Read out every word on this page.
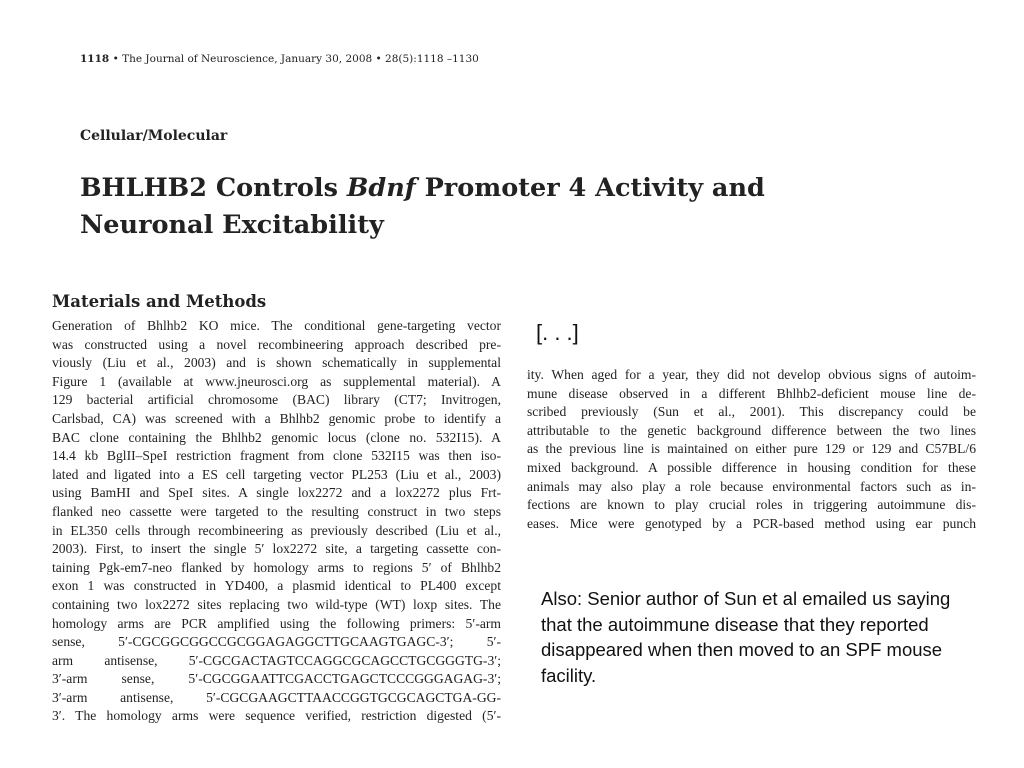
1118 • The Journal of Neuroscience, January 30, 2008 • 28(5):1118 –1130
Cellular/Molecular
BHLHB2 Controls Bdnf Promoter 4 Activity and Neuronal Excitability
Materials and Methods
Generation of Bhlhb2 KO mice. The conditional gene-targeting vector
was constructed using a novel recombineering approach described pre-
viously (Liu et al., 2003) and is shown schematically in supplemental
Figure 1 (available at www.jneurosci.org as supplemental material). A
129 bacterial artificial chromosome (BAC) library (CT7; Invitrogen,
Carlsbad, CA) was screened with a Bhlhb2 genomic probe to identify a
BAC clone containing the Bhlhb2 genomic locus (clone no. 532I15). A
14.4 kb BglII–SpeI restriction fragment from clone 532I15 was then iso-
lated and ligated into a ES cell targeting vector PL253 (Liu et al., 2003)
using BamHI and SpeI sites. A single lox2272 and a lox2272 plus Frt-
flanked neo cassette were targeted to the resulting construct in two steps
in EL350 cells through recombineering as previously described (Liu et al.,
2003). First, to insert the single 5′ lox2272 site, a targeting cassette con-
taining Pgk-em7-neo flanked by homology arms to regions 5′ of Bhlhb2
exon 1 was constructed in YD400, a plasmid identical to PL400 except
containing two lox2272 sites replacing two wild-type (WT) loxp sites. The
homology arms are PCR amplified using the following primers: 5′-arm
sense, 5′-CGCGGCGGCCGCGGAGAGGCTTGCAAGTGAGC-3′; 5′-
arm antisense, 5′-CGCGACTAGTCCAGGCGCAGCCTGCGGGTG-3′;
3′-arm sense, 5′-CGCGGAATTCGACCTGAGCTCCCGGGAGAG-3′;
3′-arm antisense, 5′-CGCGAAGCTTAACCGGTGCGCAGCTGA-GG-
3′. The homology arms were sequence verified, restriction digested (5′-
[. . .]
ity. When aged for a year, they did not develop obvious signs of autoim-
mune disease observed in a different Bhlhb2-deficient mouse line de-
scribed previously (Sun et al., 2001). This discrepancy could be
attributable to the genetic background difference between the two lines
as the previous line is maintained on either pure 129 or 129 and C57BL/6
mixed background. A possible difference in housing condition for these
animals may also play a role because environmental factors such as in-
fections are known to play crucial roles in triggering autoimmune dis-
eases. Mice were genotyped by a PCR-based method using ear punch
Also: Senior author of Sun et al emailed us saying that the autoimmune disease that they reported disappeared when then moved to an SPF mouse facility.
